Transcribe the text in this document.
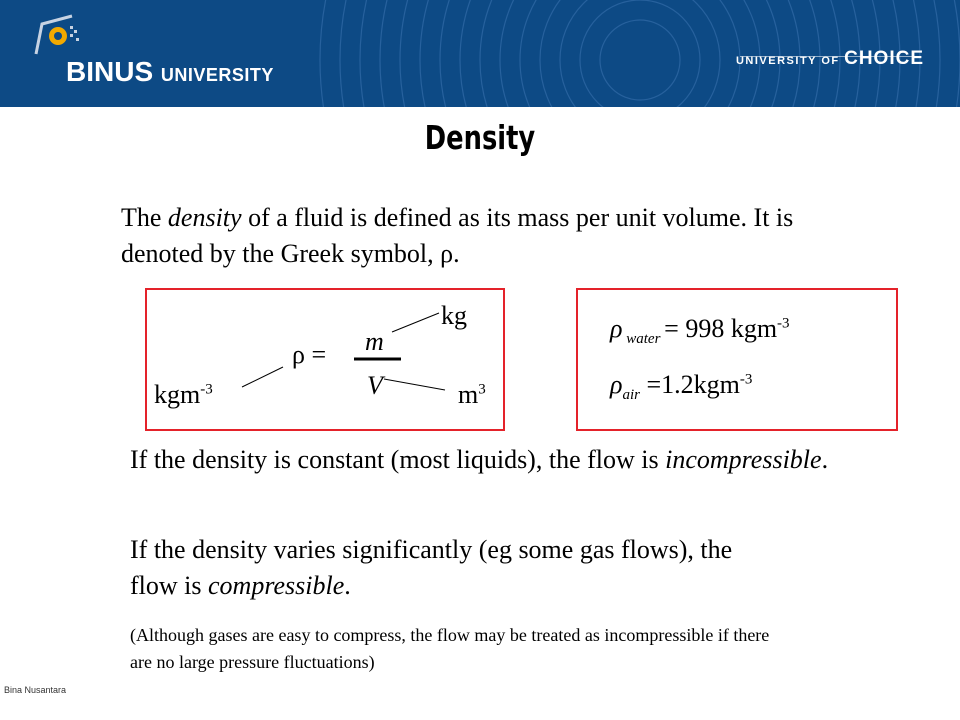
BINUS UNIVERSITY
UNIVERSITY OF CHOICE
Density
The density of a fluid is defined as its mass per unit volume. It is denoted by the Greek symbol, ρ.
ρ = m
V
kg
$m^3$
kgm$^{-3}$
ρ $_{water}$ = 998 kgm$^{-3}$
$\rho_{air} =1.2kgm^{-3}$
If the density is constant (most liquids), the flow is incompressible.
If the density varies significantly (eg some gas flows), the flow is compressible.
(Although gases are easy to compress, the flow may be treated as incompressible if there are no large pressure fluctuations)
Bina Nusantara
